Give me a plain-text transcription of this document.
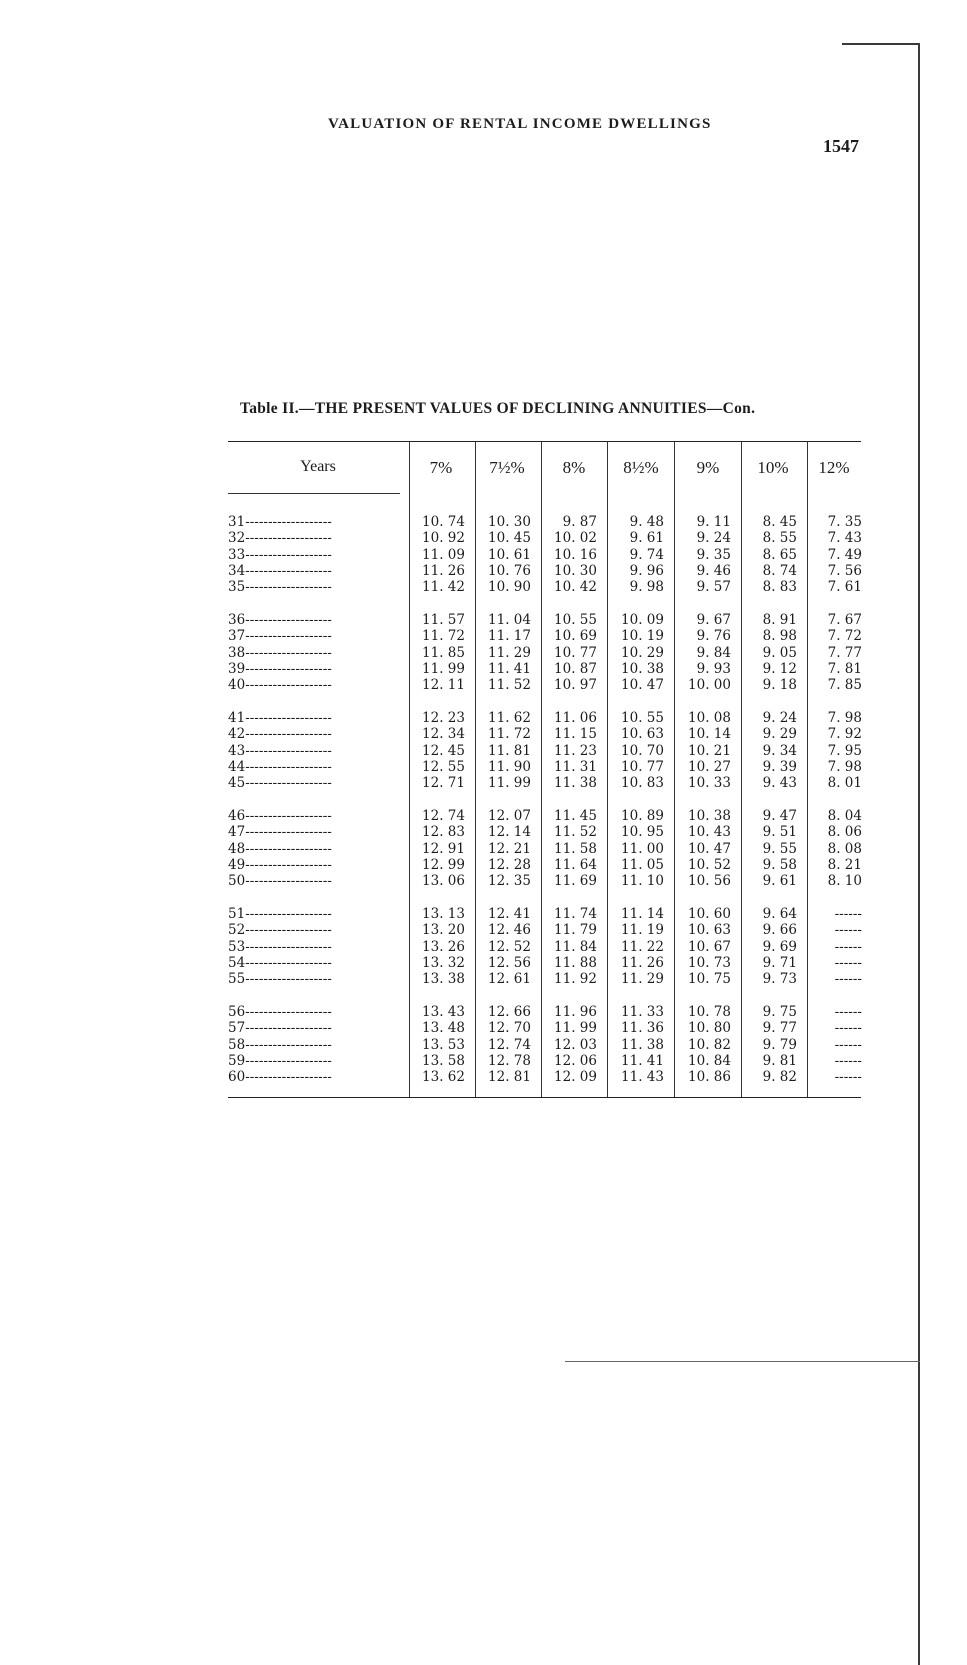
VALUATION OF RENTAL INCOME DWELLINGS
1547
Table II.—THE PRESENT VALUES OF DECLINING ANNUITIES—Con.
Years	7%	7½%	8%	8½%	9%	10%	12%
31-------------------	10. 74	10. 30	9. 87	9. 48	9. 11	8. 45	7. 35
32-------------------	10. 92	10. 45	10. 02	9. 61	9. 24	8. 55	7. 43
33-------------------	11. 09	10. 61	10. 16	9. 74	9. 35	8. 65	7. 49
34-------------------	11. 26	10. 76	10. 30	9. 96	9. 46	8. 74	7. 56
35-------------------	11. 42	10. 90	10. 42	9. 98	9. 57	8. 83	7. 61
36-------------------	11. 57	11. 04	10. 55	10. 09	9. 67	8. 91	7. 67
37-------------------	11. 72	11. 17	10. 69	10. 19	9. 76	8. 98	7. 72
38-------------------	11. 85	11. 29	10. 77	10. 29	9. 84	9. 05	7. 77
39-------------------	11. 99	11. 41	10. 87	10. 38	9. 93	9. 12	7. 81
40-------------------	12. 11	11. 52	10. 97	10. 47	10. 00	9. 18	7. 85
41-------------------	12. 23	11. 62	11. 06	10. 55	10. 08	9. 24	7. 98
42-------------------	12. 34	11. 72	11. 15	10. 63	10. 14	9. 29	7. 92
43-------------------	12. 45	11. 81	11. 23	10. 70	10. 21	9. 34	7. 95
44-------------------	12. 55	11. 90	11. 31	10. 77	10. 27	9. 39	7. 98
45-------------------	12. 71	11. 99	11. 38	10. 83	10. 33	9. 43	8. 01
46-------------------	12. 74	12. 07	11. 45	10. 89	10. 38	9. 47	8. 04
47-------------------	12. 83	12. 14	11. 52	10. 95	10. 43	9. 51	8. 06
48-------------------	12. 91	12. 21	11. 58	11. 00	10. 47	9. 55	8. 08
49-------------------	12. 99	12. 28	11. 64	11. 05	10. 52	9. 58	8. 21
50-------------------	13. 06	12. 35	11. 69	11. 10	10. 56	9. 61	8. 10
51-------------------	13. 13	12. 41	11. 74	11. 14	10. 60	9. 64	------
52-------------------	13. 20	12. 46	11. 79	11. 19	10. 63	9. 66	------
53-------------------	13. 26	12. 52	11. 84	11. 22	10. 67	9. 69	------
54-------------------	13. 32	12. 56	11. 88	11. 26	10. 73	9. 71	------
55-------------------	13. 38	12. 61	11. 92	11. 29	10. 75	9. 73	------
56-------------------	13. 43	12. 66	11. 96	11. 33	10. 78	9. 75	------
57-------------------	13. 48	12. 70	11. 99	11. 36	10. 80	9. 77	------
58-------------------	13. 53	12. 74	12. 03	11. 38	10. 82	9. 79	------
59-------------------	13. 58	12. 78	12. 06	11. 41	10. 84	9. 81	------
60-------------------	13. 62	12. 81	12. 09	11. 43	10. 86	9. 82	------
